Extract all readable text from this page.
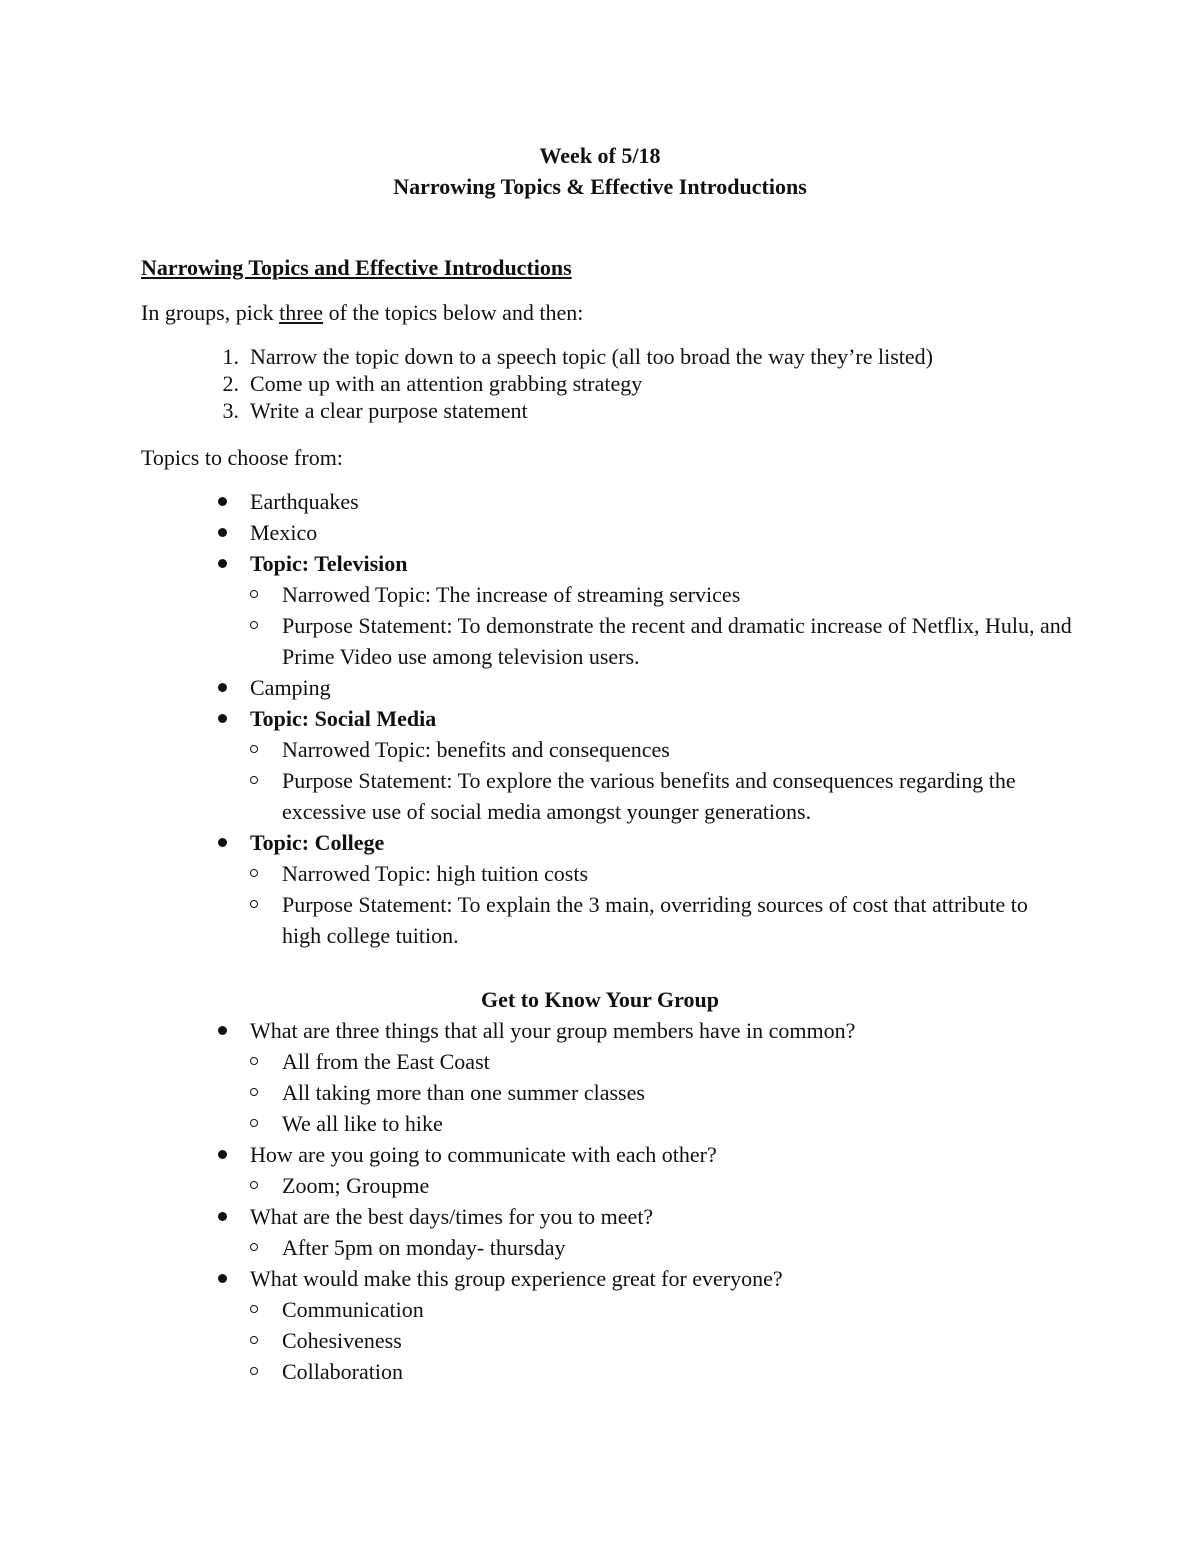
Week of 5/18
Narrowing Topics & Effective Introductions
Narrowing Topics and Effective Introductions
In groups, pick three of the topics below and then:
1. Narrow the topic down to a speech topic (all too broad the way they’re listed)
2. Come up with an attention grabbing strategy
3. Write a clear purpose statement
Topics to choose from:
Earthquakes
Mexico
Topic: Television
Narrowed Topic: The increase of streaming services
Purpose Statement: To demonstrate the recent and dramatic increase of Netflix, Hulu, and Prime Video use among television users.
Camping
Topic: Social Media
Narrowed Topic: benefits and consequences
Purpose Statement: To explore the various benefits and consequences regarding the excessive use of social media amongst younger generations.
Topic: College
Narrowed Topic: high tuition costs
Purpose Statement: To explain the 3 main, overriding sources of cost that attribute to high college tuition.
Get to Know Your Group
What are three things that all your group members have in common?
All from the East Coast
All taking more than one summer classes
We all like to hike
How are you going to communicate with each other?
Zoom; Groupme
What are the best days/times for you to meet?
After 5pm on monday- thursday
What would make this group experience great for everyone?
Communication
Cohesiveness
Collaboration
